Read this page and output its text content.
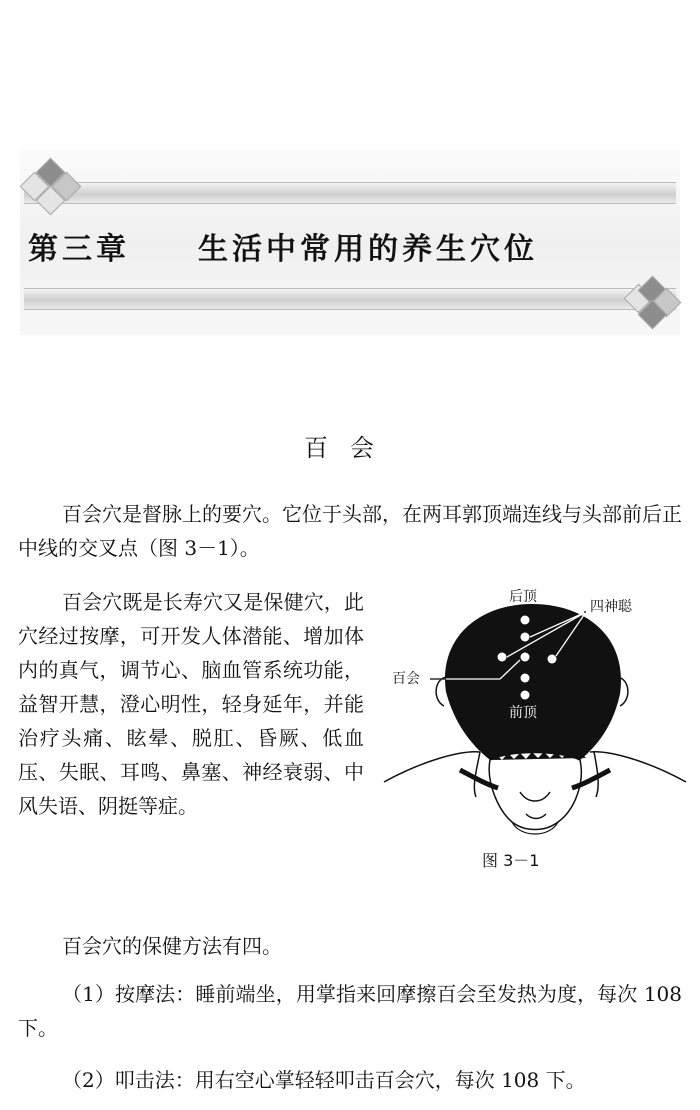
第三章 生活中常用的养生穴位
百会

百会穴是督脉上的要穴。它位于头部，在两耳郭顶端连线与头部前后正中线的交叉点（图 3－1）。

百会穴既是长寿穴又是保健穴，此穴经过按摩，可开发人体潜能、增加体内的真气，调节心、脑血管系统功能，益智开慧，澄心明性，轻身延年，并能治疗头痛、眩晕、脱肛、昏厥、低血压、失眠、耳鸣、鼻塞、神经衰弱、中风失语、阴挺等症。

百会穴的保健方法有四。

（1）按摩法：睡前端坐，用掌指来回摩擦百会至发热为度，每次 108 下。

（2）叩击法：用右空心掌轻轻叩击百会穴，每次 108 下。

后顶
四神聪
百会
前顶
图 3－1
